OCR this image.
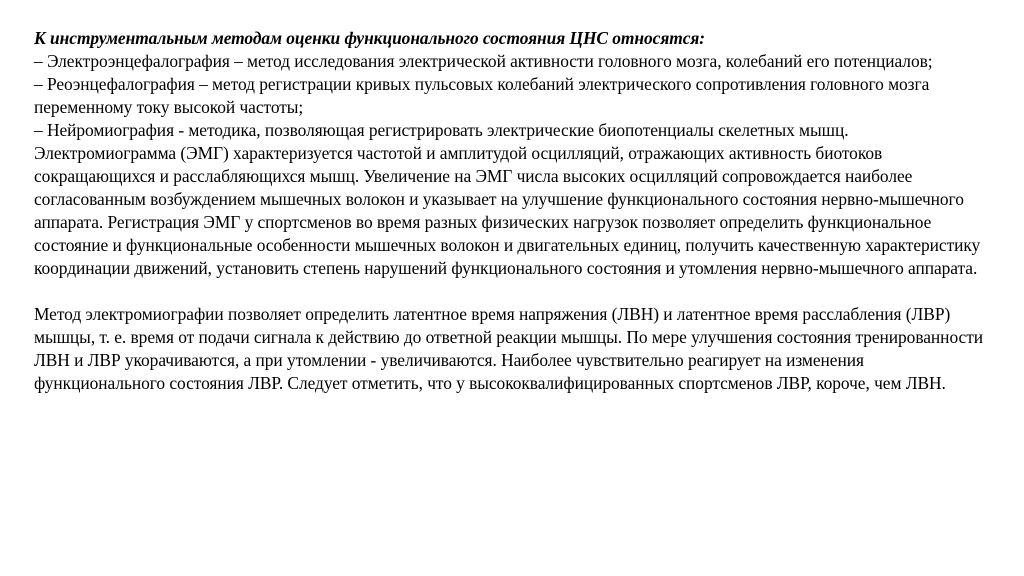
К инструментальным методам оценки функционального состояния ЦНС относятся:
– Электроэнцефалография – метод исследования электрической активности головного мозга, колебаний его потенциалов;
– Реоэнцефалография – метод регистрации кривых пульсовых колебаний электрического сопротивления головного мозга переменному току высокой частоты;
– Нейромиография - методика, позволяющая регистрировать электрические биопотенциалы скелетных мышц. Электромиограмма (ЭМГ) характеризуется частотой и амплитудой осцилляций, отражающих активность биотоков сокращающихся и расслабляющихся мышц. Увеличение на ЭМГ числа высоких осцилляций сопровождается наиболее согласованным возбуждением мышечных волокон и указывает на улучшение функционального состояния нервно-мышечного аппарата. Регистрация ЭМГ у спортсменов во время разных физических нагрузок позволяет определить функциональное состояние и функциональные особенности мышечных волокон и двигательных единиц, получить качественную характеристику координации движений, установить степень нарушений функционального состояния и утомления нервно-мышечного аппарата.
Метод электромиографии позволяет определить латентное время напряжения (ЛВН) и латентное время расслабления (ЛВР) мышцы, т. е. время от подачи сигнала к действию до ответной реакции мышцы. По мере улучшения состояния тренированности ЛВН и ЛВР укорачиваются, а при утомлении - увеличиваются. Наиболее чувствительно реагирует на изменения функционального состояния ЛВР. Следует отметить, что у высококвалифицированных спортсменов ЛВР, короче, чем ЛВН.
